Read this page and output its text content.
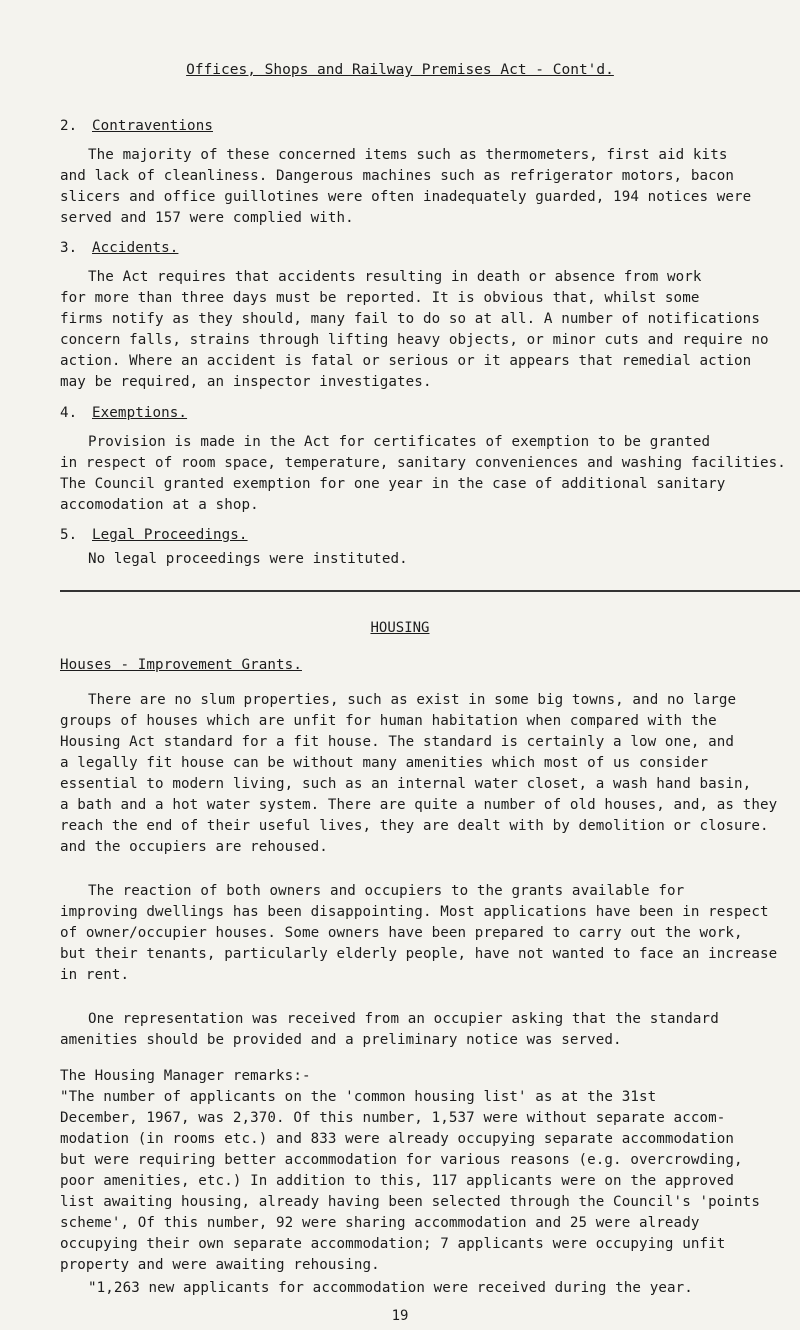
Offices, Shops and Railway Premises Act - Cont'd.
2. Contraventions
The majority of these concerned items such as thermometers, first aid kits
and lack of cleanliness. Dangerous machines such as refrigerator motors, bacon
slicers and office guillotines were often inadequately guarded, 194 notices were
served and 157 were complied with.
3. Accidents.
The Act requires that accidents resulting in death or absence from work
for more than three days must be reported. It is obvious that, whilst some
firms notify as they should, many fail to do so at all. A number of notifications
concern falls, strains through lifting heavy objects, or minor cuts and require no
action. Where an accident is fatal or serious or it appears that remedial action
may be required, an inspector investigates.
4. Exemptions.
Provision is made in the Act for certificates of exemption to be granted
in respect of room space, temperature, sanitary conveniences and washing facilities.
The Council granted exemption for one year in the case of additional sanitary
accomodation at a shop.
5. Legal Proceedings.
No legal proceedings were instituted.
HOUSING
Houses - Improvement Grants.
There are no slum properties, such as exist in some big towns, and no large
groups of houses which are unfit for human habitation when compared with the
Housing Act standard for a fit house. The standard is certainly a low one, and
a legally fit house can be without many amenities which most of us consider
essential to modern living, such as an internal water closet, a wash hand basin,
a bath and a hot water system. There are quite a number of old houses, and, as they
reach the end of their useful lives, they are dealt with by demolition or closure.
and the occupiers are rehoused.
The reaction of both owners and occupiers to the grants available for
improving dwellings has been disappointing. Most applications have been in respect
of owner/occupier houses. Some owners have been prepared to carry out the work,
but their tenants, particularly elderly people, have not wanted to face an increase
in rent.
One representation was received from an occupier asking that the standard
amenities should be provided and a preliminary notice was served.
The Housing Manager remarks:-
"The number of applicants on the 'common housing list' as at the 31st
December, 1967, was 2,370. Of this number, 1,537 were without separate accom-
modation (in rooms etc.) and 833 were already occupying separate accommodation
but were requiring better accommodation for various reasons (e.g. overcrowding,
poor amenities, etc.) In addition to this, 117 applicants were on the approved
list awaiting housing, already having been selected through the Council's 'points
scheme', Of this number, 92 were sharing accommodation and 25 were already
occupying their own separate accommodation; 7 applicants were occupying unfit
property and were awaiting rehousing.
"1,263 new applicants for accommodation were received during the year.
19
